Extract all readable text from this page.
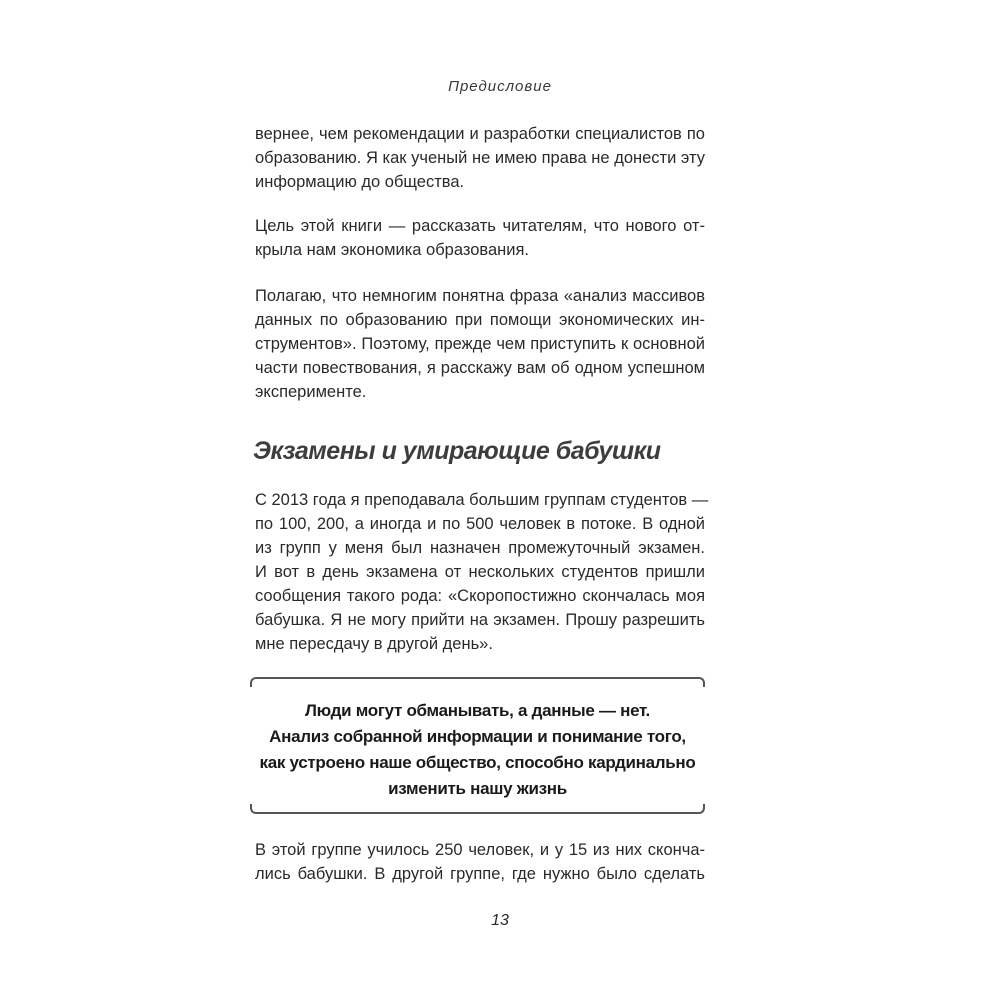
Предисловие
вернее, чем рекомендации и разработки специалистов по
образованию. Я как ученый не имею права не донести эту
информацию до общества.
Цель этой книги — рассказать читателям, что нового от-
крыла нам экономика образования.
Полагаю, что немногим понятна фраза «анализ массивов
данных по образованию при помощи экономических ин-
струментов». Поэтому, прежде чем приступить к основной
части повествования, я расскажу вам об одном успешном
эксперименте.
Экзамены и умирающие бабушки
С 2013 года я преподавала большим группам студентов —
по 100, 200, а иногда и по 500 человек в потоке. В одной
из групп у меня был назначен промежуточный экзамен.
И вот в день экзамена от нескольких студентов пришли
сообщения такого рода: «Скоропостижно скончалась моя
бабушка. Я не могу прийти на экзамен. Прошу разрешить
мне пересдачу в другой день».
Люди могут обманывать, а данные — нет.
Анализ собранной информации и понимание того,
как устроено наше общество, способно кардинально
изменить нашу жизнь
В этой группе училось 250 человек, и у 15 из них сконча-
лись бабушки. В другой группе, где нужно было сделать
13
